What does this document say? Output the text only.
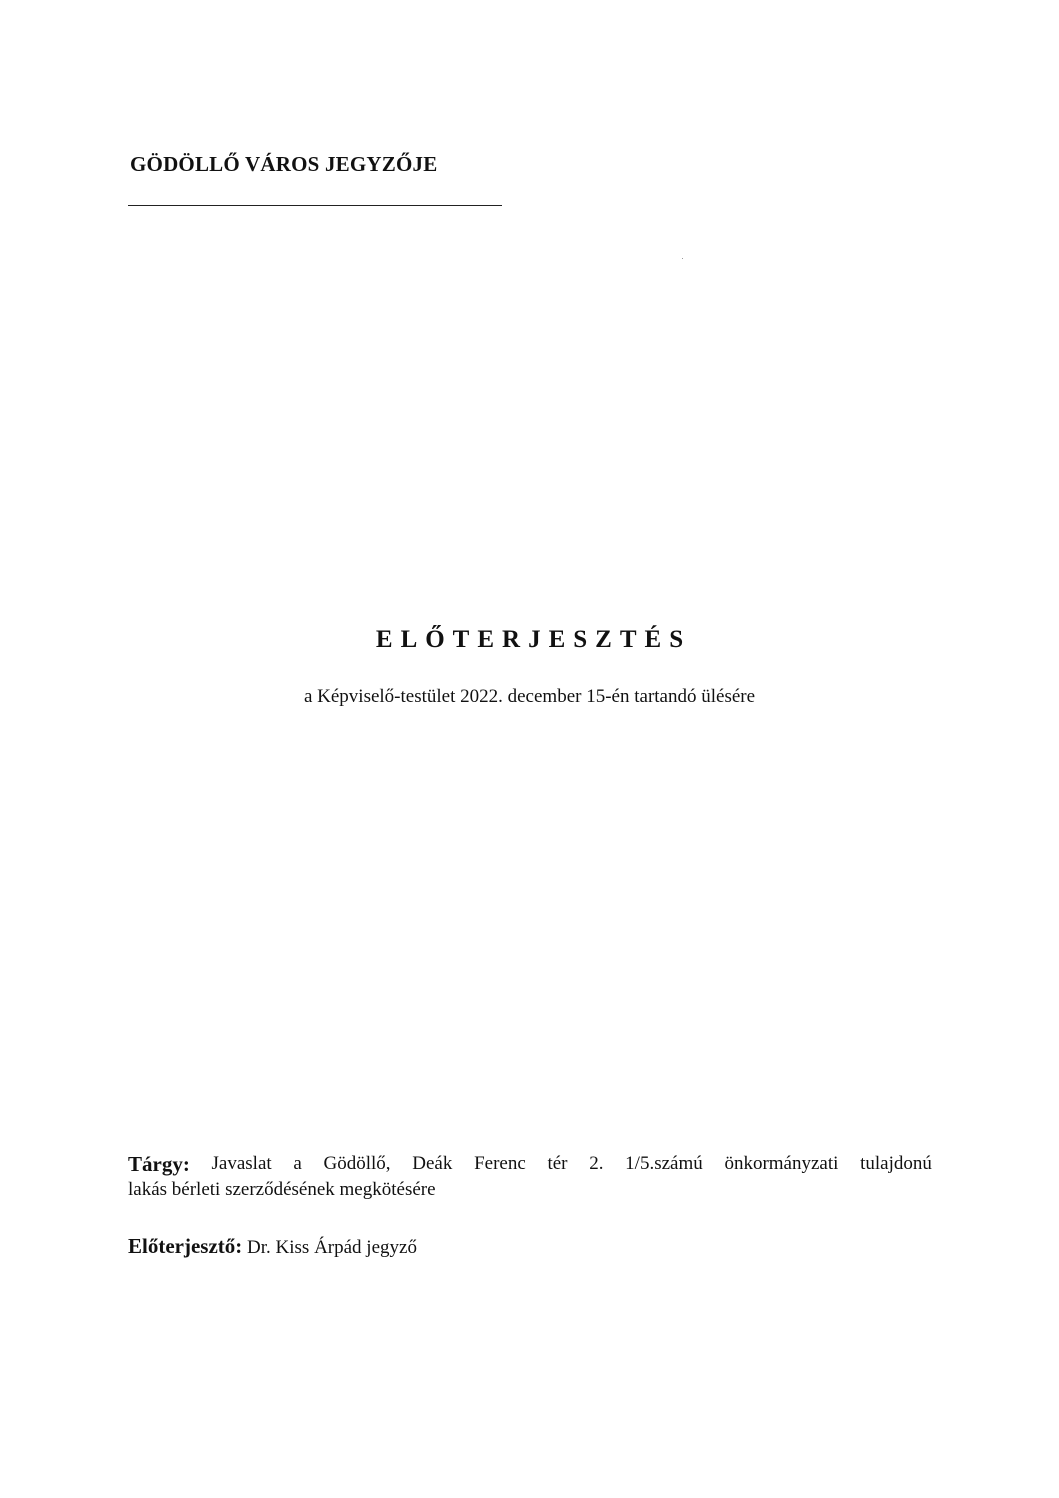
GÖDÖLLŐ VÁROS JEGYZŐJE
ELŐTERJESZTÉS
a Képviselő-testület 2022. december 15-én tartandó ülésére
Tárgy: Javaslat a Gödöllő, Deák Ferenc tér 2. 1/5.számú önkormányzati tulajdonú
lakás bérleti szerződésének megkötésére
Előterjesztő: Dr. Kiss Árpád jegyző
